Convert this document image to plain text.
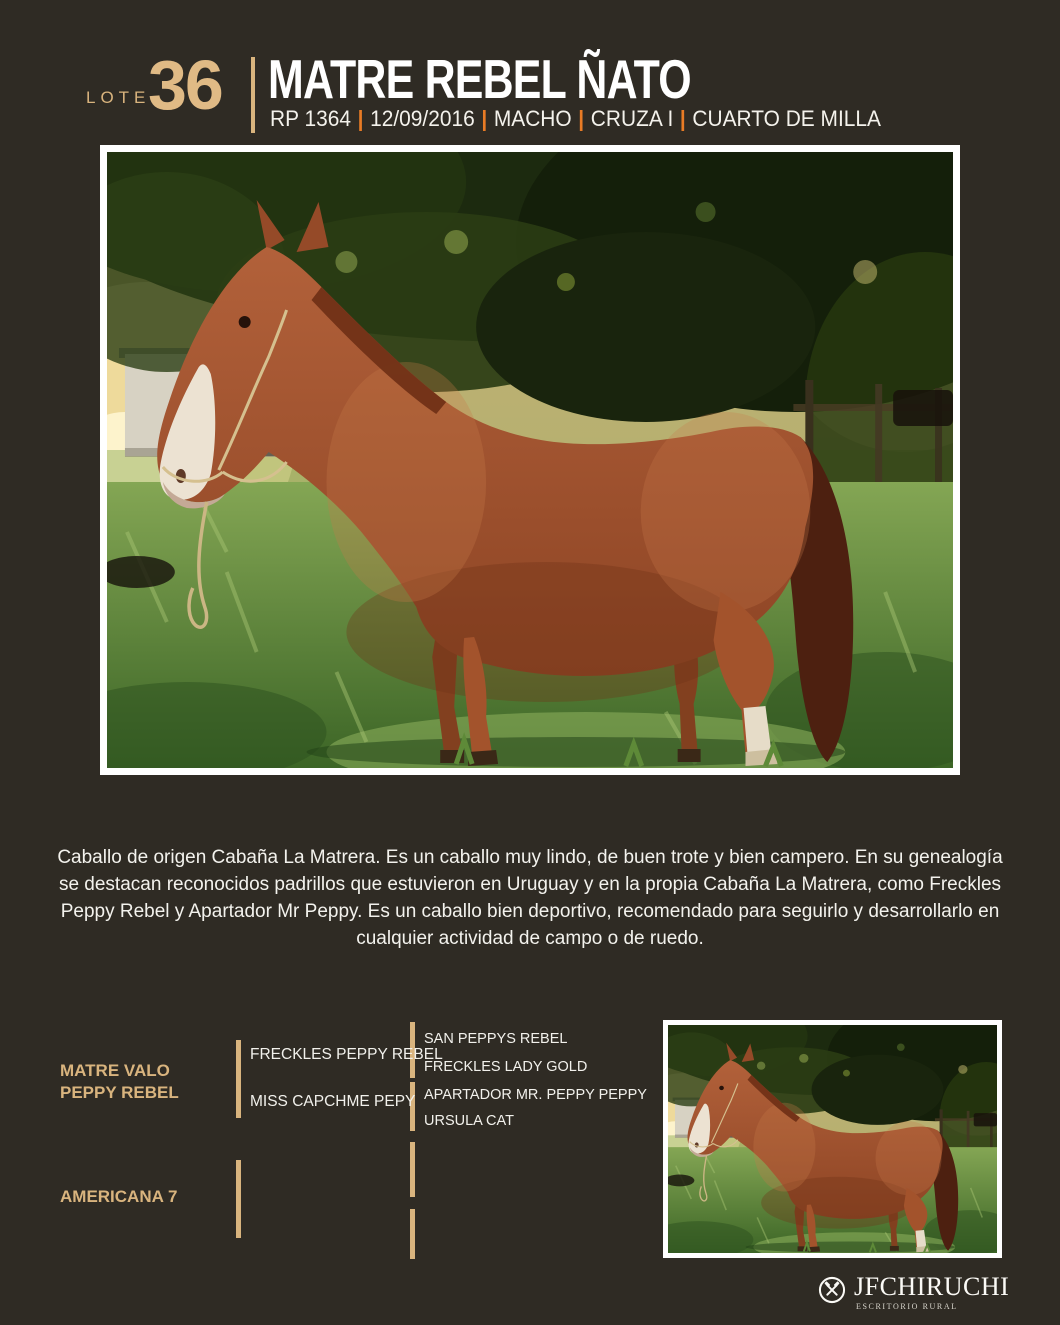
LOTE
36 MATRE REBEL ÑATO
RP 1364 | 12/09/2016 | MACHO | CRUZA I | CUARTO DE MILLA
Caballo de origen Cabaña La Matrera. Es un caballo muy lindo, de buen trote y bien campero. En su genealogía se destacan reconocidos padrillos que estuvieron en Uruguay y en la propia Cabaña La Matrera, como Freckles Peppy Rebel y Apartador Mr Peppy. Es un caballo bien deportivo, recomendado para seguirlo y desarrollarlo en cualquier actividad de campo o de ruedo.
MATRE VALO PEPPY REBEL
AMERICANA 7
FRECKLES PEPPY REBEL
MISS CAPCHME PEPY
SAN PEPPYS REBEL
FRECKLES LADY GOLD
APARTADOR MR. PEPPY PEPPY
URSULA CAT
JFCHIRUCHI
ESCRITORIO RURAL
